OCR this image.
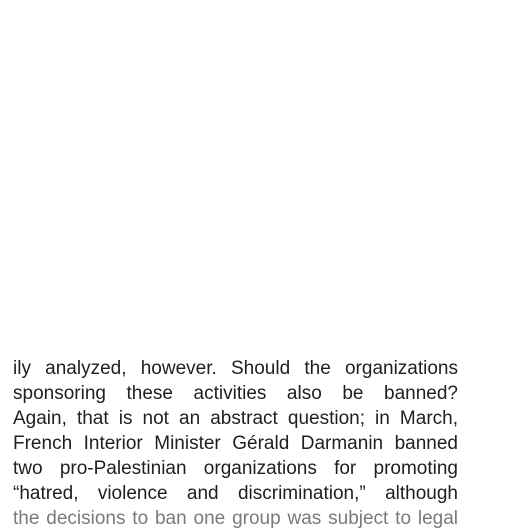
ily analyzed, however. Should the organizations
sponsoring these activities also be banned?
Again, that is not an abstract question; in March,
French Interior Minister Gérald Darmanin banned
two pro-Palestinian organizations for promoting
“hatred, violence and discrimination,” although
the decisions to ban one group was subject to legal
